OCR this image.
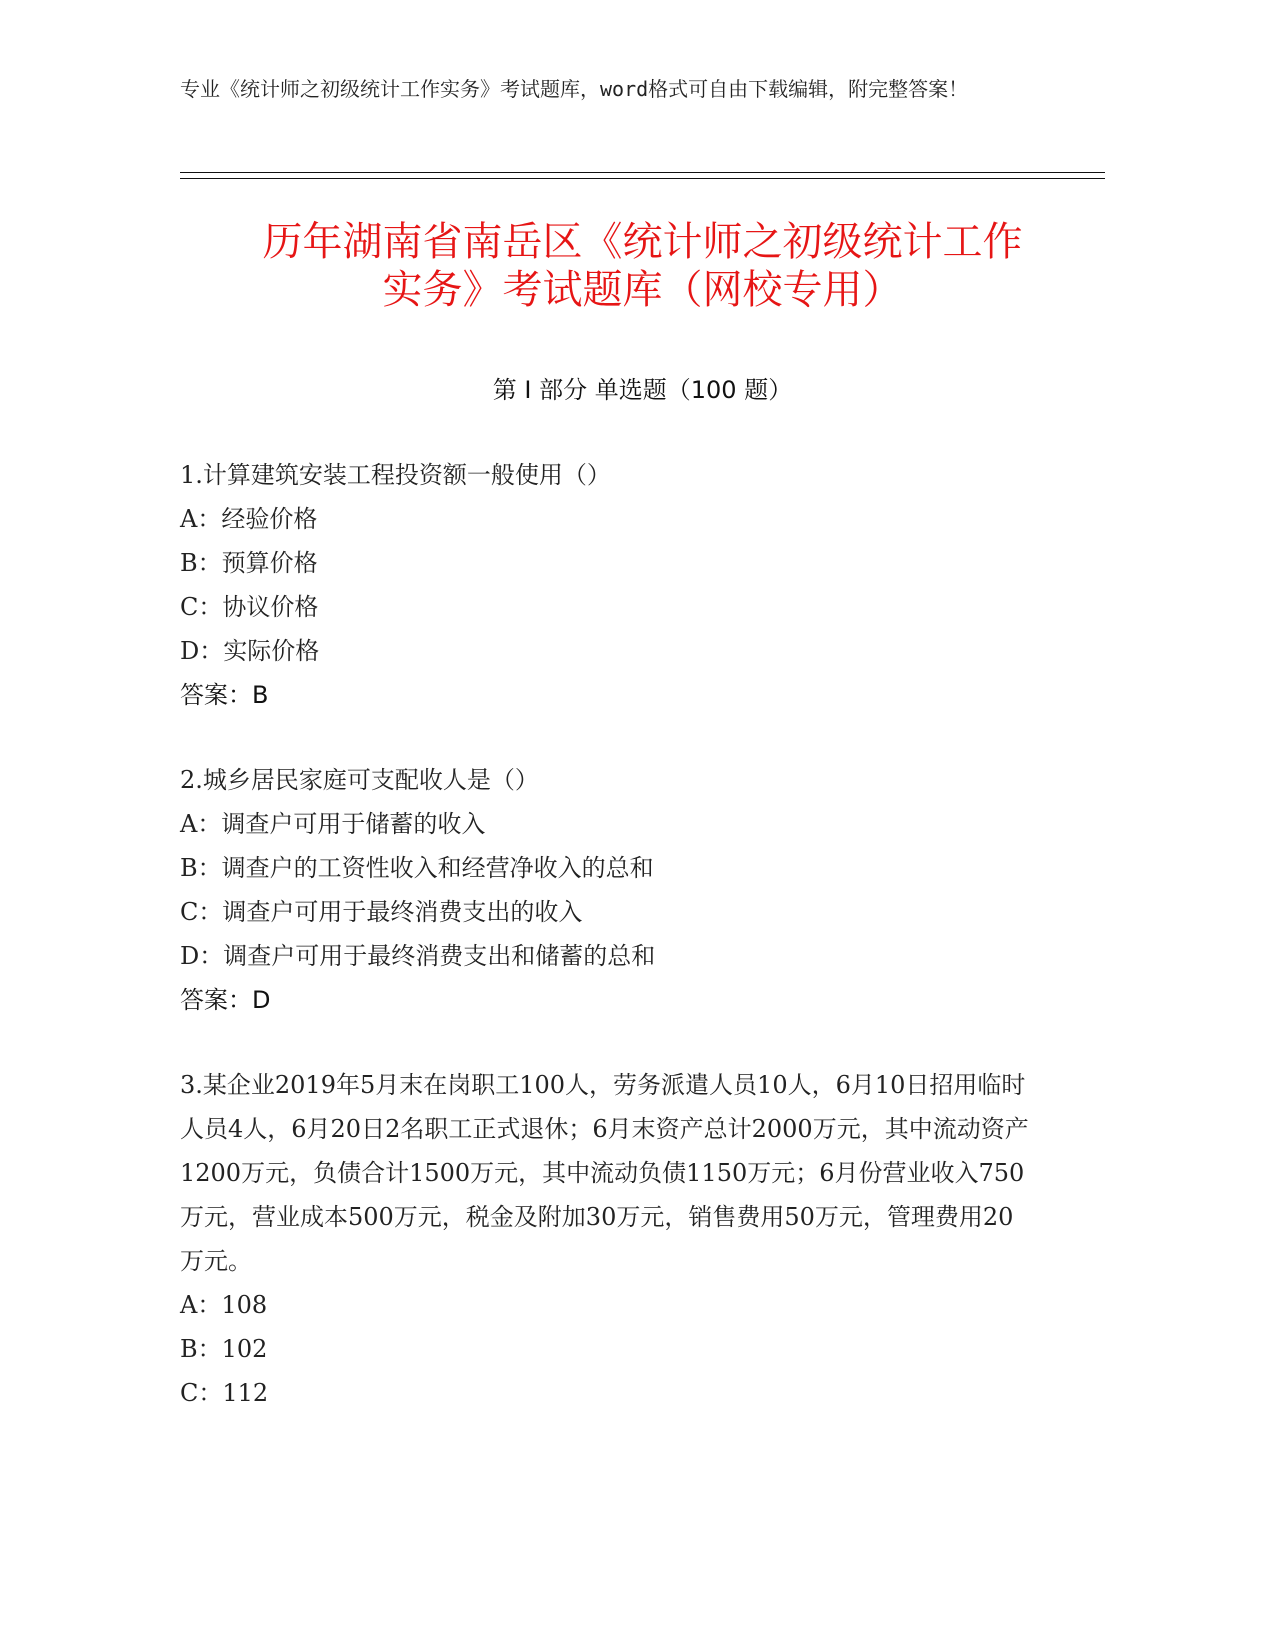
专业《统计师之初级统计工作实务》考试题库，word格式可自由下载编辑，附完整答案！
历年湖南省南岳区《统计师之初级统计工作
实务》考试题库（网校专用）
第 I 部分 单选题（100 题）
1.计算建筑安装工程投资额一般使用（）
A：经验价格
B：预算价格
C：协议价格
D：实际价格
答案：B
2.城乡居民家庭可支配收人是（）
A：调查户可用于储蓄的收入
B：调查户的工资性收入和经营净收入的总和
C：调查户可用于最终消费支出的收入
D：调查户可用于最终消费支出和储蓄的总和
答案：D
3.某企业2019年5月末在岗职工100人，劳务派遣人员10人，6月10日招用临时人员4人，6月20日2名职工正式退休；6月末资产总计2000万元，其中流动资产1200万元，负债合计1500万元，其中流动负债1150万元；6月份营业收入750万元，营业成本500万元，税金及附加30万元，销售费用50万元，管理费用20万元。
A：108
B：102
C：112
